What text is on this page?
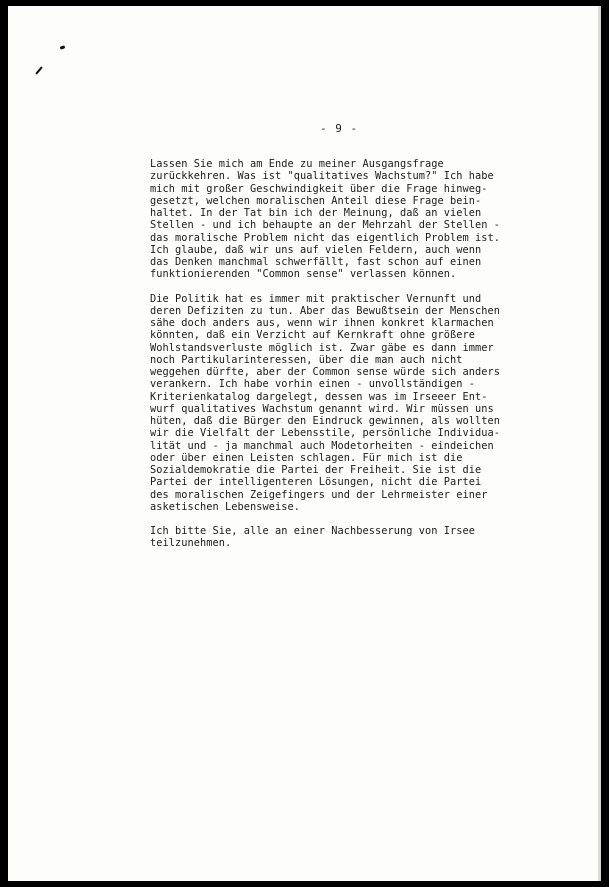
- 9 -
Lassen Sie mich am Ende zu meiner Ausgangsfrage
zurückkehren. Was ist "qualitatives Wachstum?" Ich habe
mich mit großer Geschwindigkeit über die Frage hinweg-
gesetzt, welchen moralischen Anteil diese Frage bein-
haltet. In der Tat bin ich der Meinung, daß an vielen
Stellen - und ich behaupte an der Mehrzahl der Stellen -
das moralische Problem nicht das eigentlich Problem ist.
Ich glaube, daß wir uns auf vielen Feldern, auch wenn
das Denken manchmal schwerfällt, fast schon auf einen
funktionierenden "Common sense" verlassen können.
Die Politik hat es immer mit praktischer Vernunft und
deren Defiziten zu tun. Aber das Bewußtsein der Menschen
sähe doch anders aus, wenn wir ihnen konkret klarmachen
könnten, daß ein Verzicht auf Kernkraft ohne größere
Wohlstandsverluste möglich ist. Zwar gäbe es dann immer
noch Partikularinteressen, über die man auch nicht
weggehen dürfte, aber der Common sense würde sich anders
verankern. Ich habe vorhin einen - unvollständigen -
Kriterienkatalog dargelegt, dessen was im Irseeer Ent-
wurf qualitatives Wachstum genannt wird. Wir müssen uns
hüten, daß die Bürger den Eindruck gewinnen, als wollten
wir die Vielfalt der Lebensstile, persönliche Individua-
lität und - ja manchmal auch Modetorheiten - eindeichen
oder über einen Leisten schlagen. Für mich ist die
Sozialdemokratie die Partei der Freiheit. Sie ist die
Partei der intelligenteren Lösungen, nicht die Partei
des moralischen Zeigefingers und der Lehrmeister einer
asketischen Lebensweise.
Ich bitte Sie, alle an einer Nachbesserung von Irsee
teilzunehmen.
